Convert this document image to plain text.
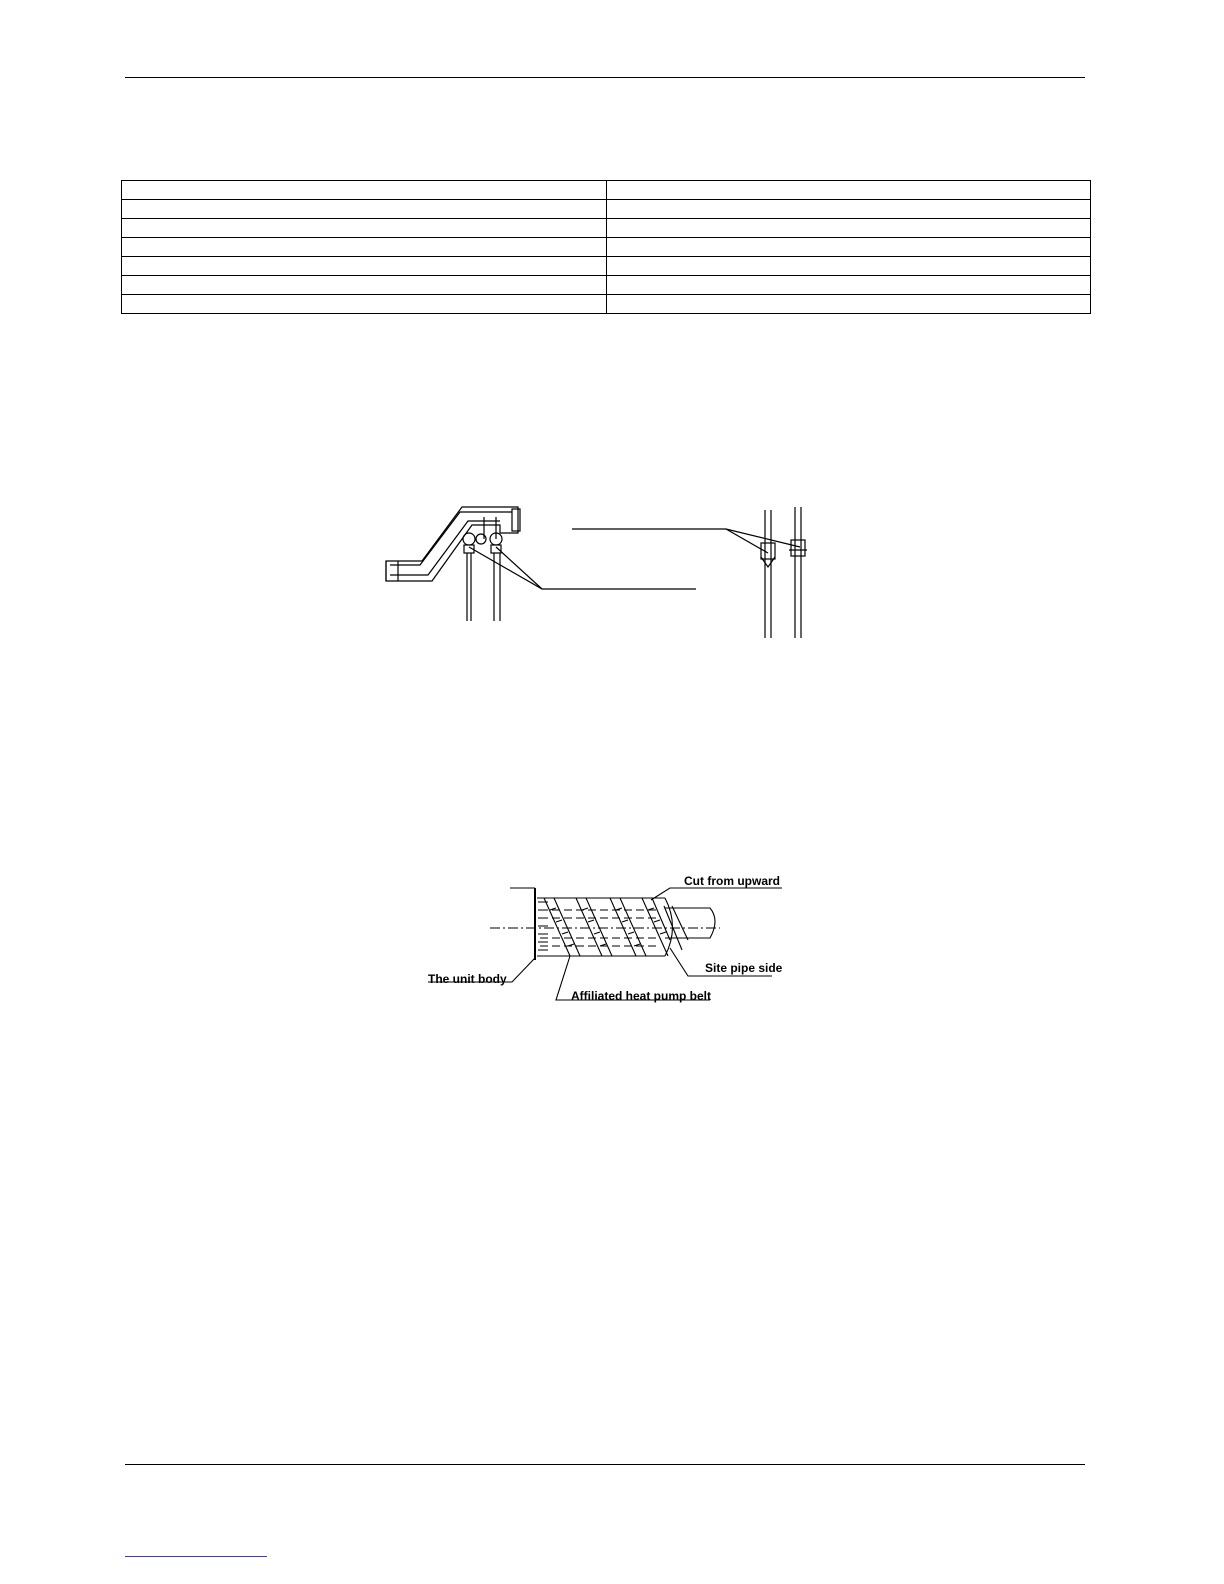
Cut from upward
Site pipe side
The unit body
Affiliated heat pump belt
